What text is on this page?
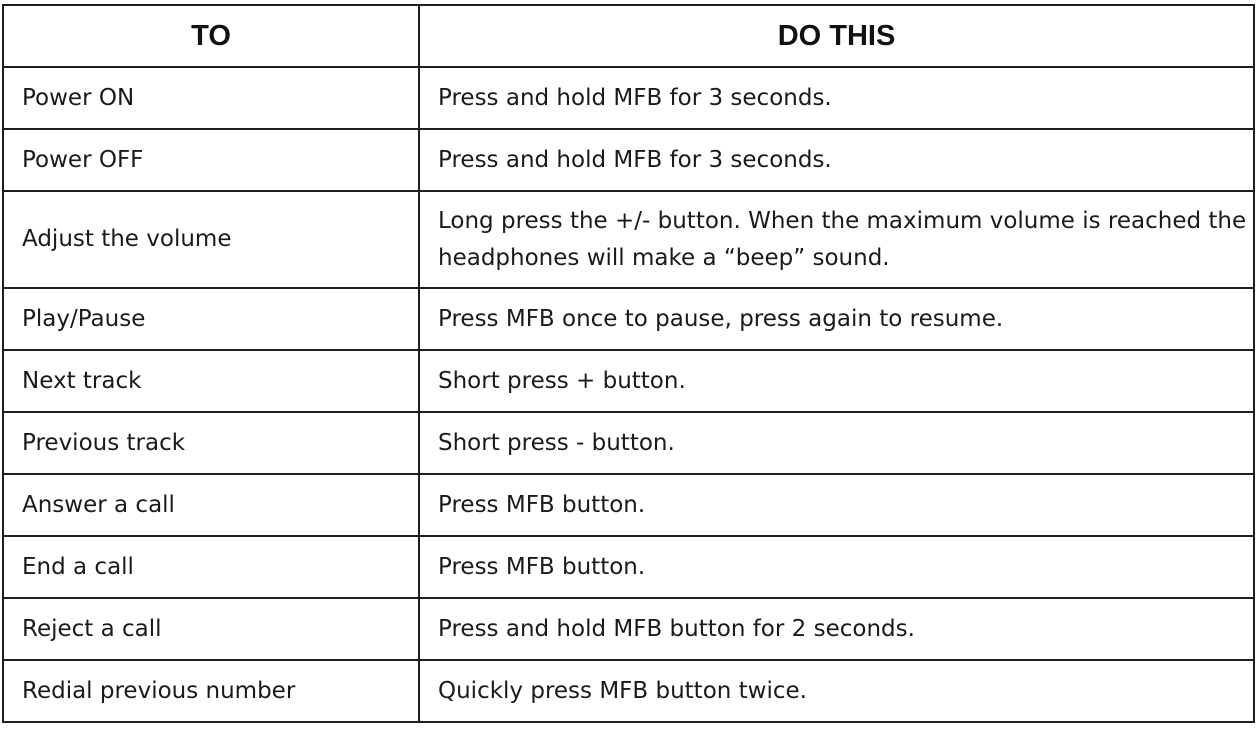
TO	DO THIS
Power ON	Press and hold MFB for 3 seconds.
Power OFF	Press and hold MFB for 3 seconds.
Adjust the volume	Long press the +/- button. When the maximum volume is reached the headphones will make a “beep” sound.
Play/Pause	Press MFB once to pause, press again to resume.
Next track	Short press + button.
Previous track	Short press - button.
Answer a call	Press MFB button.
End a call	Press MFB button.
Reject a call	Press and hold MFB button for 2 seconds.
Redial previous number	Quickly press MFB button twice.
